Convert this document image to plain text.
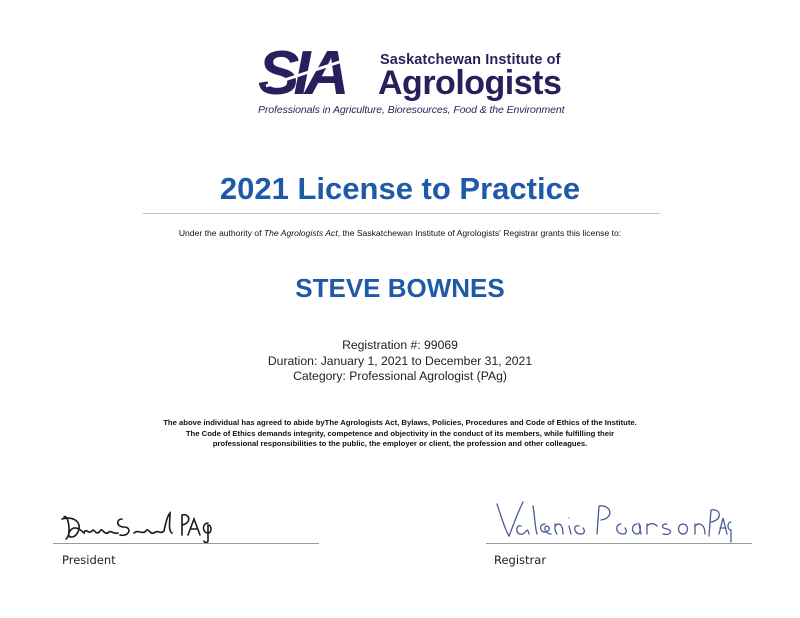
SIA	Saskatchewan Institute of
Agrologists
Professionals in Agriculture, Bioresources, Food & the Environment
2021 License to Practice
Under the authority of The Agrologists Act, the Saskatchewan Institute of Agrologists' Registrar grants this license to:
STEVE BOWNES
Registration #: 99069
Duration: January 1, 2021 to December 31, 2021
Category: Professional Agrologist (PAg)
The above individual has agreed to abide byThe Agrologists Act, Bylaws, Policies, Procedures and Code of Ethics of the Institute.
The Code of Ethics demands integrity, competence and objectivity in the conduct of its members, while fulfilling their
professional responsibilities to the public, the employer or client, the profession and other colleagues.
President	Registrar
